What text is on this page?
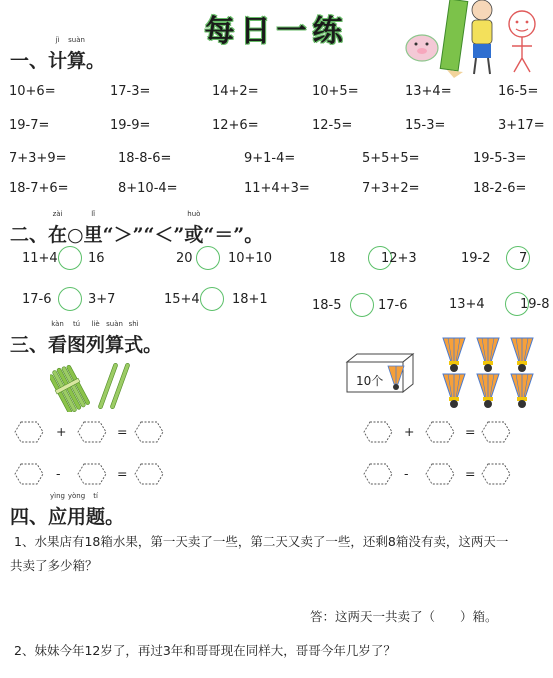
每日一练
一、
jì
计
suàn
算。
二、
zài
在○
lǐ
里“＞”“＜”
huò
或“＝”。
三、
kàn
看
tú
图
liè
列
suàn
算
shì
式。
四、
yìng
应
yòng
用
tí
题。
10+6=	17-3=	14+2=	10+5=	13+4=	16-5=
19-7=	19-9=	12+6=	12-5=	15-3=	3+17=
7+3+9=	18-8-6=	9+1-4=	5+5+5=	19-5-3=
18-7+6=	8+10-4=	11+4+3=	7+3+2=	18-2-6=
11+4 16	20	10+10	18	12+3	19-2 7
17-6	3+7	15+4 18+1	18-5	17-6	13+4	19-8
10个
+	=
-	=
+	=
-	=
1、水果店有18箱水果，第一天卖了一些，第二天又卖了一些，还剩8箱没有卖，这两天一
共卖了多少箱？
答：这两天一共卖了（　　）箱。
2、妹妹今年12岁了，再过3年和哥哥现在同样大，哥哥今年几岁了？
